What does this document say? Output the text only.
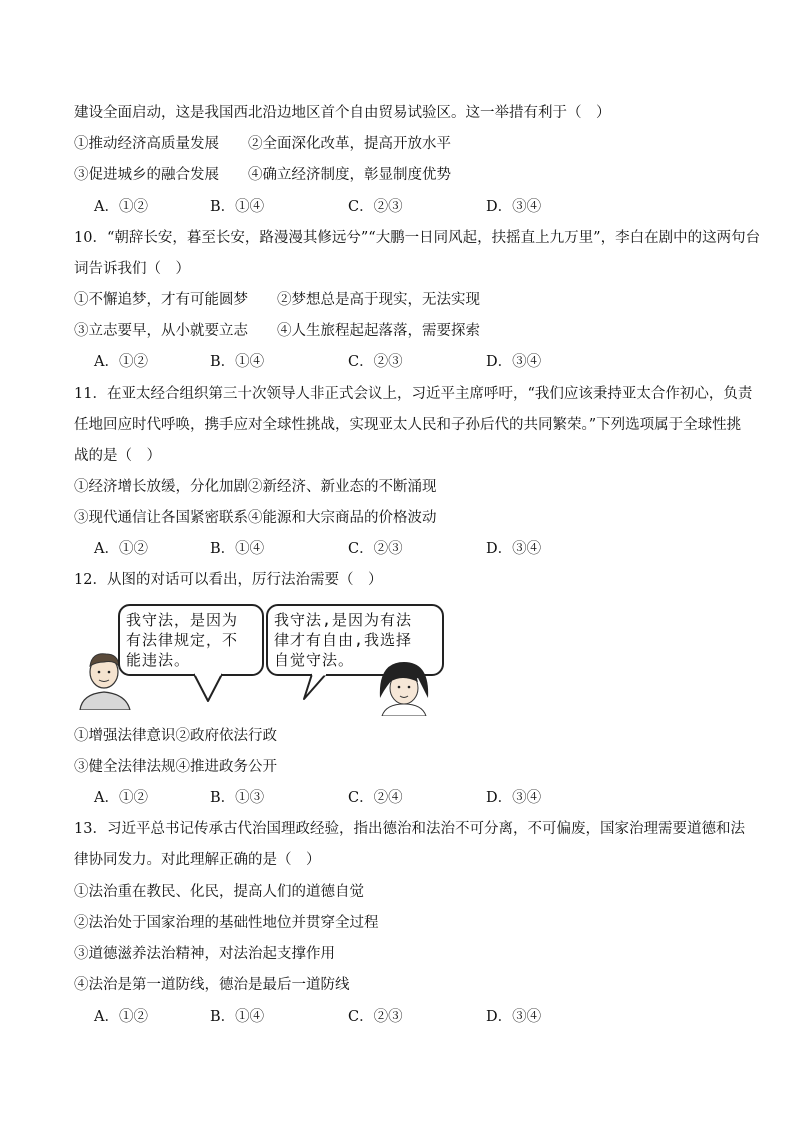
建设全面启动，这是我国西北沿边地区首个自由贸易试验区。这一举措有利于（　）
①推动经济高质量发展　　②全面深化改革，提高开放水平
③促进城乡的融合发展　　④确立经济制度，彰显制度优势
A．①②	B．①④	C．②③	D．③④
10．“朝辞长安，暮至长安，路漫漫其修远兮”“大鹏一日同风起，扶摇直上九万里”，李白在剧中的这两句台
词告诉我们（　）
①不懈追梦，才有可能圆梦　　②梦想总是高于现实，无法实现
③立志要早，从小就要立志　　④人生旅程起起落落，需要探索
A．①②	B．①④	C．②③	D．③④
11．在亚太经合组织第三十次领导人非正式会议上，习近平主席呼吁，“我们应该秉持亚太合作初心，负责
任地回应时代呼唤，携手应对全球性挑战，实现亚太人民和子孙后代的共同繁荣。”下列选项属于全球性挑
战的是（　）
①经济增长放缓，分化加剧②新经济、新业态的不断涌现
③现代通信让各国紧密联系④能源和大宗商品的价格波动
A．①②	B．①④	C．②③	D．③④
12．从图的对话可以看出，厉行法治需要（　）
我守法，是因为
有法律规定，不
能违法。
我守法,是因为有法
律才有自由,我选择
自觉守法。
①增强法律意识②政府依法行政
③健全法律法规④推进政务公开
A．①②	B．①③	C．②④	D．③④
13．习近平总书记传承古代治国理政经验，指出德治和法治不可分离，不可偏废，国家治理需要道德和法
律协同发力。对此理解正确的是（　）
①法治重在教民、化民，提高人们的道德自觉
②法治处于国家治理的基础性地位并贯穿全过程
③道德滋养法治精神，对法治起支撑作用
④法治是第一道防线，德治是最后一道防线
A．①②	B．①④	C．②③	D．③④
